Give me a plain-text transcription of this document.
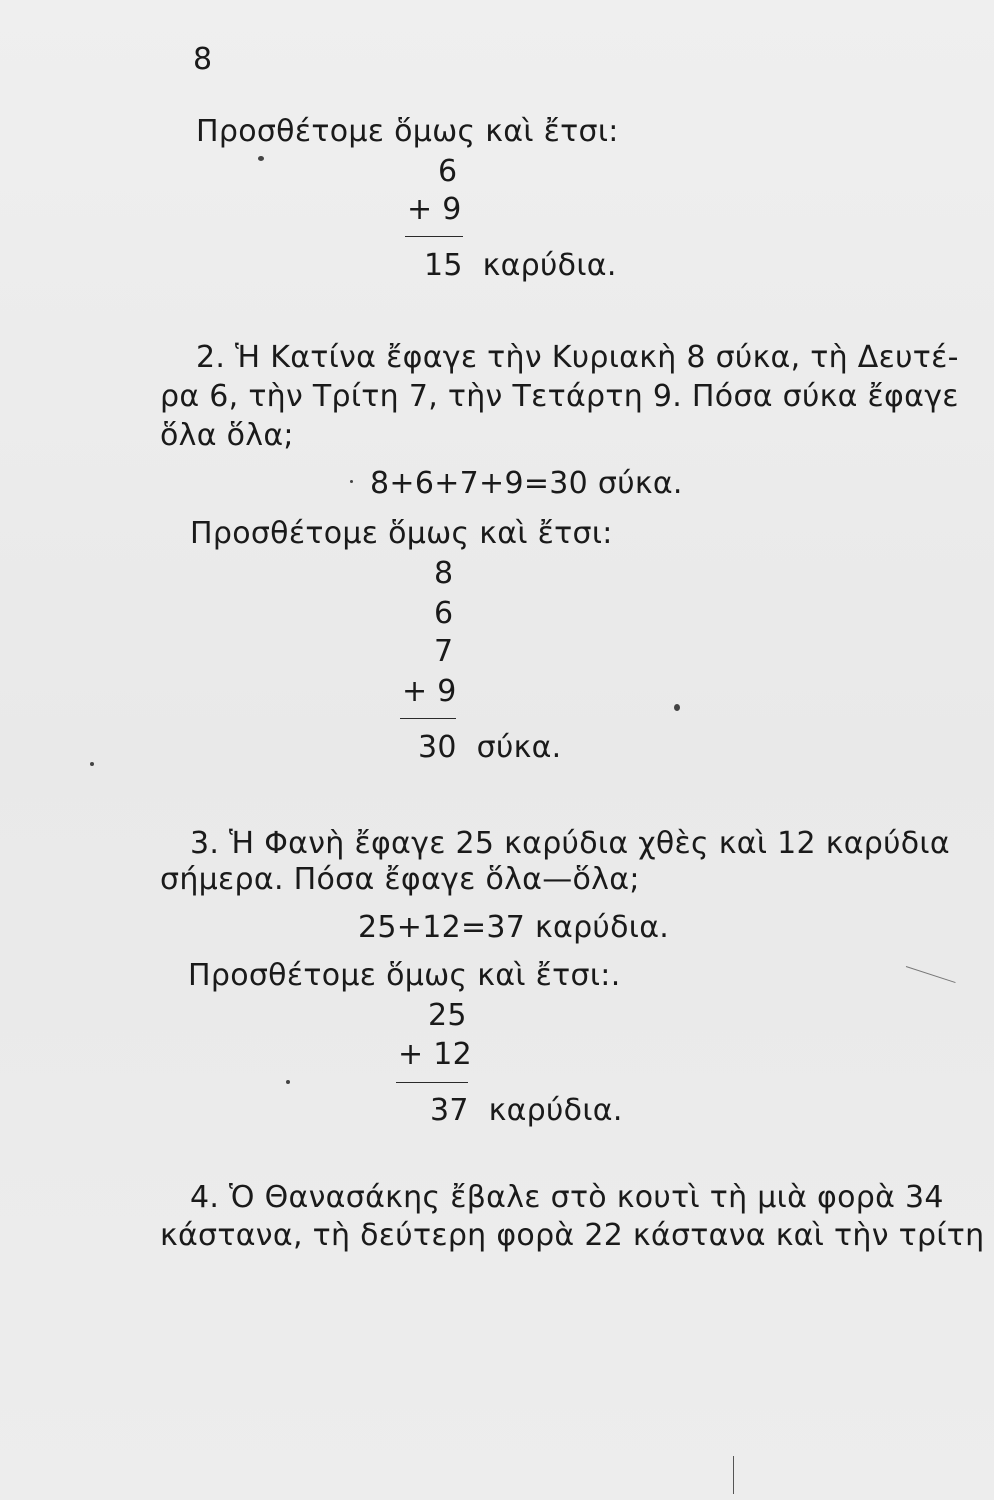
8
Προσθέτομε ὅμως καὶ ἔτσι:
6
+ 9
15 καρύδια.
2. Ἡ Κατίνα ἔφαγε τὴν Κυριακὴ 8 σύκα, τὴ Δευτέ-
ρα 6, τὴν Τρίτη 7, τὴν Τετάρτη 9. Πόσα σύκα ἔφαγε
ὅλα ὅλα;
8+6+7+9=30 σύκα.
Προσθέτομε ὅμως καὶ ἔτσι:
8
6
7
+ 9
30 σύκα.
3. Ἡ Φανὴ ἔφαγε 25 καρύδια χθὲς καὶ 12 καρύδια
σήμερα. Πόσα ἔφαγε ὅλα—ὅλα;
25+12=37 καρύδια.
Προσθέτομε ὅμως καὶ ἔτσι:.
25
+ 12
37 καρύδια.
4. Ὁ Θανασάκης ἔβαλε στὸ κουτὶ τὴ μιὰ φορὰ 34
κάστανα, τὴ δεύτερη φορὰ 22 κάστανα καὶ τὴν τρίτη
